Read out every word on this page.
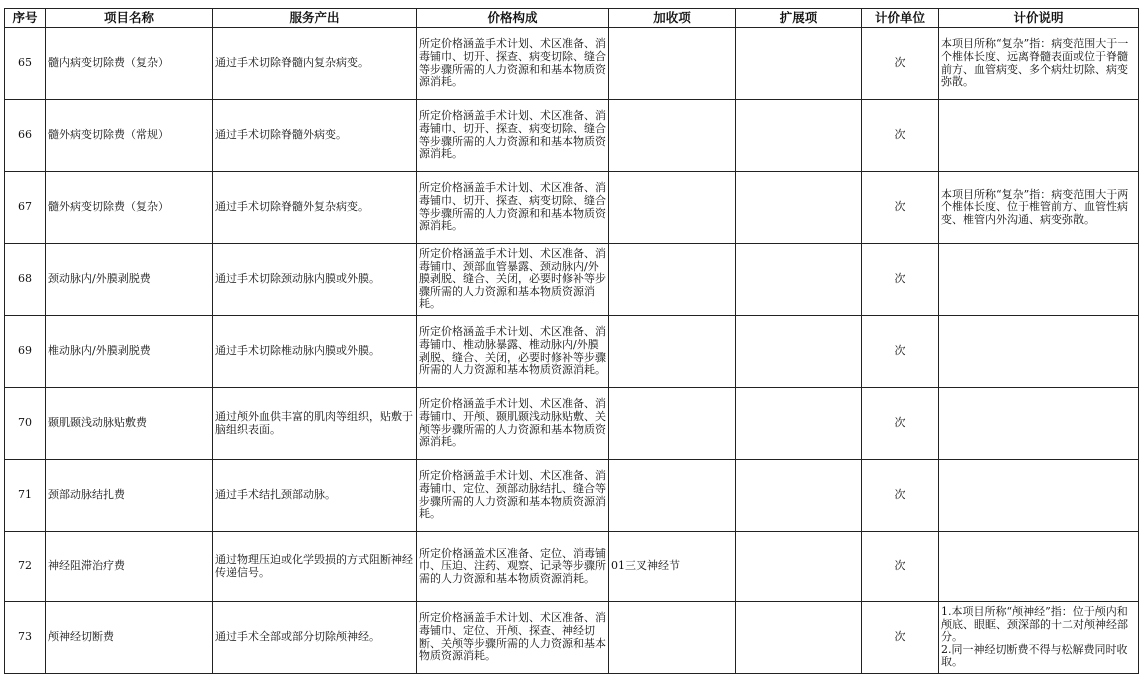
序号	项目名称	服务产出	价格构成	加收项	扩展项	计价单位	计价说明
65	髓内病变切除费（复杂）	通过手术切除脊髓内复杂病变。	所定价格涵盖手术计划、术区准备、消毒铺巾、切开、探查、病变切除、缝合等步骤所需的人力资源和和基本物质资源消耗。			次	本项目所称“复杂”指：病变范围大于一个椎体长度、远离脊髓表面或位于脊髓前方、血管病变、多个病灶切除、病变弥散。

66	髓外病变切除费（常规）	通过手术切除脊髓外病变。	所定价格涵盖手术计划、术区准备、消毒铺巾、切开、探查、病变切除、缝合等步骤所需的人力资源和和基本物质资源消耗。			次	

67	髓外病变切除费（复杂）	通过手术切除脊髓外复杂病变。	所定价格涵盖手术计划、术区准备、消毒铺巾、切开、探查、病变切除、缝合等步骤所需的人力资源和和基本物质资源消耗。			次	本项目所称“复杂”指：病变范围大于两个椎体长度、位于椎管前方、血管性病变、椎管内外沟通、病变弥散。

68	颈动脉内/外膜剥脱费	通过手术切除颈动脉内膜或外膜。	所定价格涵盖手术计划、术区准备、消毒铺巾、颈部血管暴露、颈动脉内/外膜剥脱、缝合、关闭，必要时修补等步骤所需的人力资源和基本物质资源消耗。			次	

69	椎动脉内/外膜剥脱费	通过手术切除椎动脉内膜或外膜。	所定价格涵盖手术计划、术区准备、消毒铺巾、椎动脉暴露、椎动脉内/外膜剥脱、缝合、关闭，必要时修补等步骤所需的人力资源和基本物质资源消耗。			次	

70	颞肌颞浅动脉贴敷费	通过颅外血供丰富的肌肉等组织，贴敷于脑组织表面。	所定价格涵盖手术计划、术区准备、消毒铺巾、开颅、颞肌颞浅动脉贴敷、关颅等步骤所需的人力资源和基本物质资源消耗。			次	

71	颈部动脉结扎费	通过手术结扎颈部动脉。	所定价格涵盖手术计划、术区准备、消毒铺巾、定位、颈部动脉结扎、缝合等步骤所需的人力资源和基本物质资源消耗。			次	

72	神经阻滞治疗费	通过物理压迫或化学毁损的方式阻断神经传递信号。	所定价格涵盖术区准备、定位、消毒铺巾、压迫、注药、观察、记录等步骤所需的人力资源和基本物质资源消耗。	01三叉神经节		次	

73	颅神经切断费	通过手术全部或部分切除颅神经。	所定价格涵盖手术计划、术区准备、消毒铺巾、定位、开颅、探查、神经切断、关颅等步骤所需的人力资源和基本物质资源消耗。			次	1.本项目所称“颅神经”指：位于颅内和颅底、眼眶、颈深部的十二对颅神经部分。
2.同一神经切断费不得与松解费同时收取。
